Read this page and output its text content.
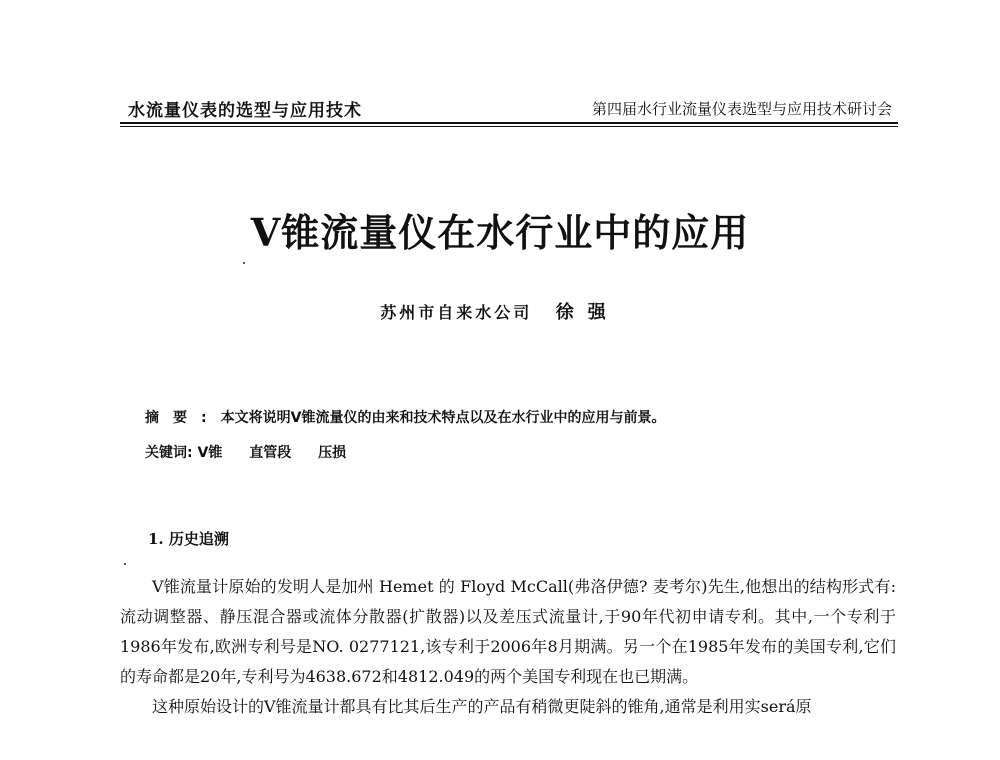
水流量仪表的选型与应用技术	第四届水行业流量仪表选型与应用技术研讨会
V锥流量仪在水行业中的应用
苏州市自来水公司 徐强
摘要:本文将说明V锥流量仪的由来和技术特点以及在水行业中的应用与前景。
关键词: V锥 直管段 压损
1. 历史追溯

V锥流量计原始的发明人是加州 Hemet 的 Floyd McCall(弗洛伊德? 麦考尔)先生,他想出的结构形式有:流动调整器、静压混合器或流体分散器(扩散器)以及差压式流量计,于90年代初申请专利。其中,一个专利于1986年发布,欧洲专利号是NO. 0277121,该专利于2006年8月期满。另一个在1985年发布的美国专利,它们的寿命都是20年,专利号为4638.672和4812.049的两个美国专利现在也已期满。

这种原始设计的V锥流量计都具有比其后生产的产品有稍微更陡斜的锥角,通常是利用实será原
